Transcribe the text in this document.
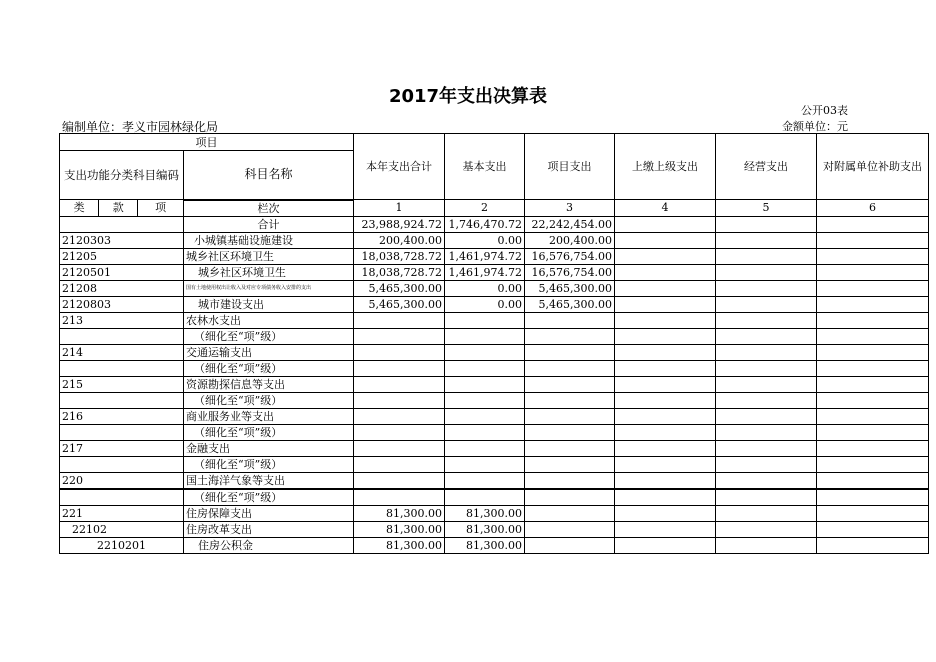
2017年支出决算表
公开03表
编制单位：孝义市园林绿化局	金额单位：元
项目				本年支出合计	基本支出	项目支出	上缴上级支出	经营支出	对附属单位补助支出
支出功能分类科目编码			科目名称						

类	款	项							
			栏次	1	2	3	4	5	6
			合计	23,988,924.72	1,746,470.72	22,242,454.00			
2120303			小城镇基础设施建设	200,400.00	0.00	200,400.00			
21205			城乡社区环境卫生	18,038,728.72	1,461,974.72	16,576,754.00			
2120501			城乡社区环境卫生	18,038,728.72	1,461,974.72	16,576,754.00			
21208			国有土地使用权出让收入及对应专项债务收入安排的支出	5,465,300.00	0.00	5,465,300.00			
2120803			城市建设支出	5,465,300.00	0.00	5,465,300.00			
213			农林水支出						
			（细化至“项”级）						
214			交通运输支出						
			（细化至“项”级）						
215			资源勘探信息等支出						
			（细化至“项”级）						
216			商业服务业等支出						
			（细化至“项”级）						
217			金融支出						
			（细化至“项”级）						
220			国土海洋气象等支出						
			（细化至“项”级）						
221			住房保障支出	81,300.00	81,300.00				
22102			住房改革支出	81,300.00	81,300.00				
2210201			住房公积金	81,300.00	81,300.00				
